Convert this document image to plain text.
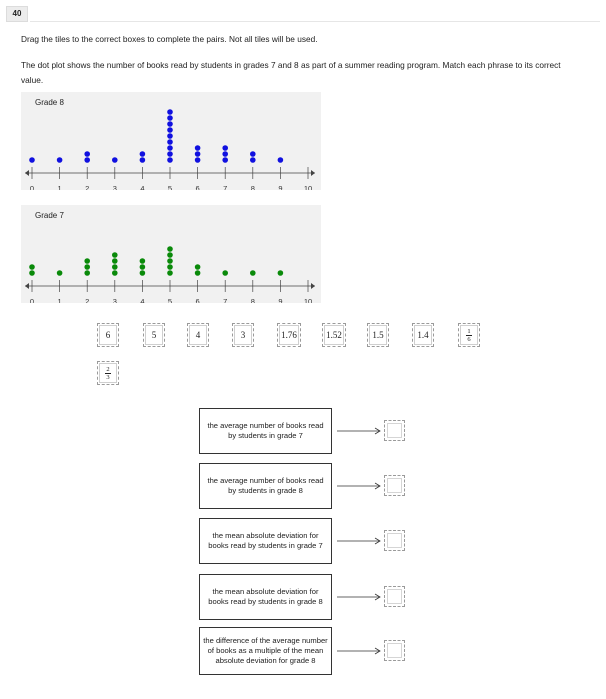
40
Drag the tiles to the correct boxes to complete the pairs. Not all tiles will be used.
The dot plot shows the number of books read by students in grades 7 and 8 as part of a summer reading program. Match each phrase to its correct value.
Grade 8
0	1	2	3	4	5	6	7	8	9	10
Grade 7
0	1	2	3	4	5	6	7	8	9	10
6	5	4	3	1.76	1.52	1.5	1.4	$\frac{1}{6}$
$\frac{2}{3}$
the average number of books read by students in grade 7
the average number of books read by students in grade 8
the mean absolute deviation for books read by students in grade 7
the mean absolute deviation for books read by students in grade 8
the difference of the average number of books as a multiple of the mean absolute deviation for grade 8
